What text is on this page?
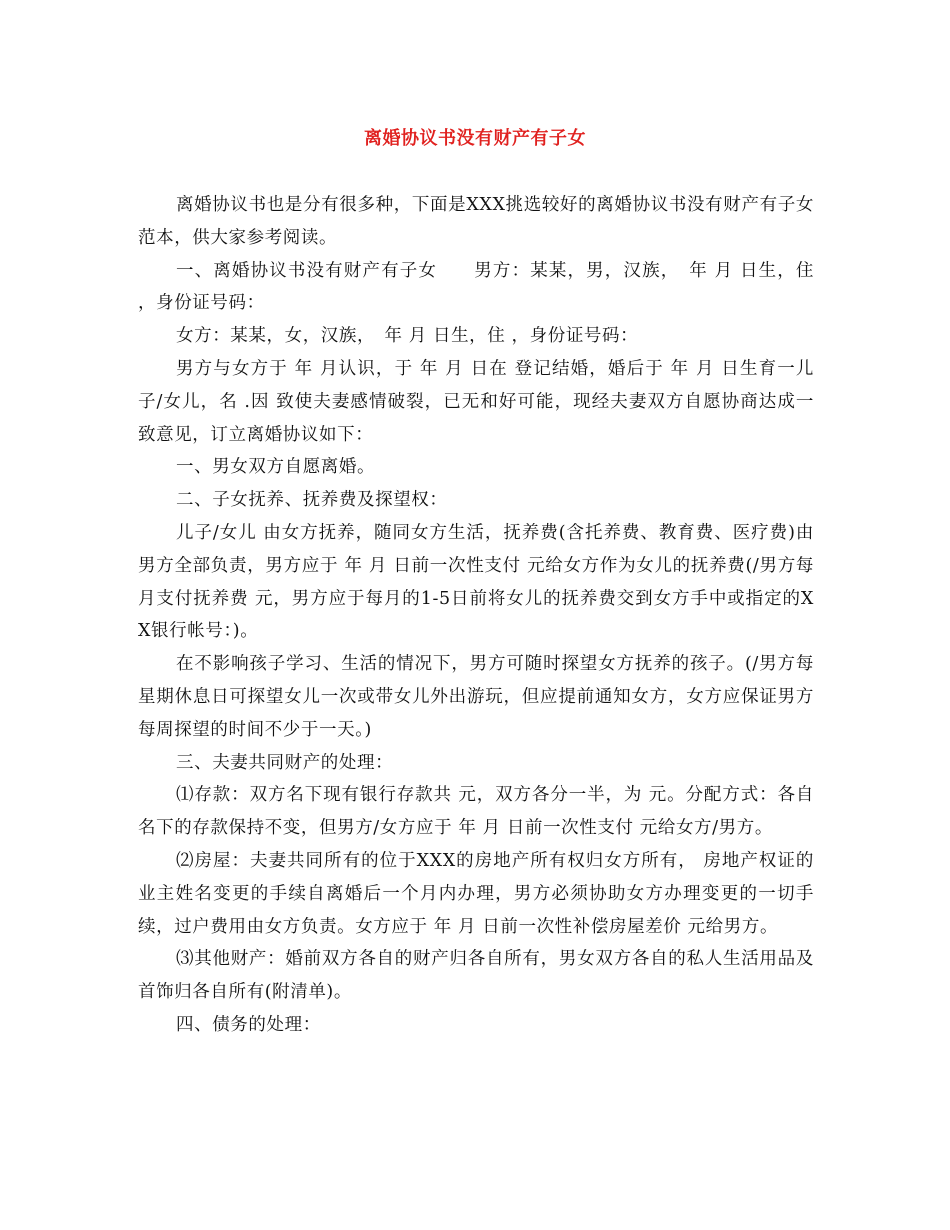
离婚协议书没有财产有子女

离婚协议书也是分有很多种，下面是XXX挑选较好的离婚协议书没有财产有子女范本，供大家参考阅读。

一、离婚协议书没有财产有子女　　男方：某某，男，汉族，　年 月 日生，住 ，身份证号码：

女方：某某，女，汉族，　年 月 日生，住 ，身份证号码：

男方与女方于 年 月认识，于 年 月 日在 登记结婚，婚后于 年 月 日生育一儿子/女儿，名 .因 致使夫妻感情破裂，已无和好可能，现经夫妻双方自愿协商达成一致意见，订立离婚协议如下：

一、男女双方自愿离婚。

二、子女抚养、抚养费及探望权：

儿子/女儿 由女方抚养，随同女方生活，抚养费(含托养费、教育费、医疗费)由男方全部负责，男方应于 年 月 日前一次性支付 元给女方作为女儿的抚养费(/男方每月支付抚养费 元，男方应于每月的1-5日前将女儿的抚养费交到女方手中或指定的XX银行帐号：)。

在不影响孩子学习、生活的情况下，男方可随时探望女方抚养的孩子。(/男方每星期休息日可探望女儿一次或带女儿外出游玩，但应提前通知女方，女方应保证男方每周探望的时间不少于一天。)

三、夫妻共同财产的处理：

⑴存款：双方名下现有银行存款共 元，双方各分一半，为 元。分配方式：各自名下的存款保持不变，但男方/女方应于 年 月 日前一次性支付 元给女方/男方。

⑵房屋：夫妻共同所有的位于XXX的房地产所有权归女方所有， 房地产权证的业主姓名变更的手续自离婚后一个月内办理，男方必须协助女方办理变更的一切手续，过户费用由女方负责。女方应于 年 月 日前一次性补偿房屋差价 元给男方。

⑶其他财产：婚前双方各自的财产归各自所有，男女双方各自的私人生活用品及首饰归各自所有(附清单)。

四、债务的处理：
